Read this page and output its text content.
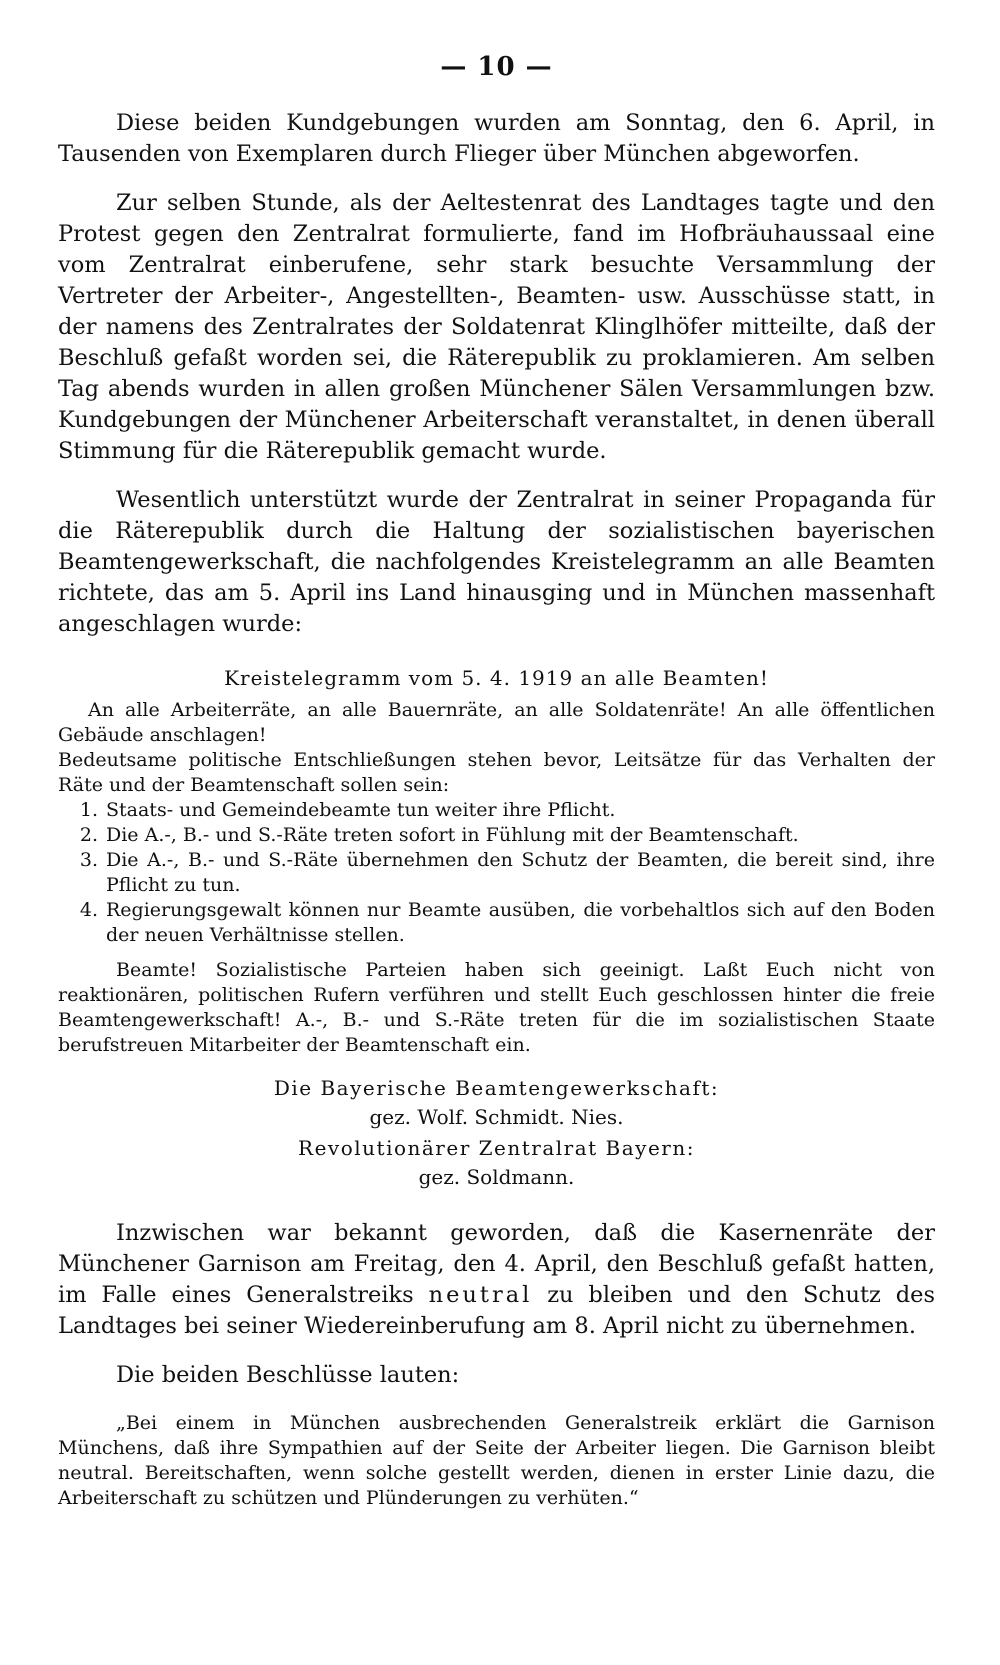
— 10 —

Diese beiden Kundgebungen wurden am Sonntag, den 6. April, in Tausenden von Exemplaren durch Flieger über München abgeworfen.

Zur selben Stunde, als der Aeltestenrat des Landtages tagte und den Protest gegen den Zentralrat formulierte, fand im Hofbräuhaussaal eine vom Zentralrat einberufene, sehr stark besuchte Versammlung der Vertreter der Arbeiter-, Angestellten-, Beamten- usw. Ausschüsse statt, in der namens des Zentralrates der Soldatenrat Klinglhöfer mitteilte, daß der Beschluß gefaßt worden sei, die Räterepublik zu proklamieren. Am selben Tag abends wurden in allen großen Münchener Sälen Versammlungen bzw. Kundgebungen der Münchener Arbeiterschaft veranstaltet, in denen überall Stimmung für die Räterepublik gemacht wurde.

Wesentlich unterstützt wurde der Zentralrat in seiner Propaganda für die Räterepublik durch die Haltung der sozialistischen bayerischen Beamtengewerkschaft, die nachfolgendes Kreistelegramm an alle Beamten richtete, das am 5. April ins Land hinausging und in München massenhaft angeschlagen wurde:

Kreistelegramm vom 5. 4. 1919 an alle Beamten!

An alle Arbeiterräte, an alle Bauernräte, an alle Soldatenräte! An alle öffentlichen Gebäude anschlagen!

Bedeutsame politische Entschließungen stehen bevor, Leitsätze für das Verhalten der Räte und der Beamtenschaft sollen sein:

1. Staats- und Gemeindebeamte tun weiter ihre Pflicht.
2. Die A.-, B.- und S.-Räte treten sofort in Fühlung mit der Beamtenschaft.
3. Die A.-, B.- und S.-Räte übernehmen den Schutz der Beamten, die bereit sind, ihre Pflicht zu tun.
4. Regierungsgewalt können nur Beamte ausüben, die vorbehaltlos sich auf den Boden der neuen Verhältnisse stellen.

Beamte! Sozialistische Parteien haben sich geeinigt. Laßt Euch nicht von reaktionären, politischen Rufern verführen und stellt Euch geschlossen hinter die freie Beamtengewerkschaft! A.-, B.- und S.-Räte treten für die im sozialistischen Staate berufstreuen Mitarbeiter der Beamtenschaft ein.

Die Bayerische Beamtengewerkschaft:
gez. Wolf. Schmidt. Nies.
Revolutionärer Zentralrat Bayern:
gez. Soldmann.

Inzwischen war bekannt geworden, daß die Kasernenräte der Münchener Garnison am Freitag, den 4. April, den Beschluß gefaßt hatten, im Falle eines Generalstreiks neutral zu bleiben und den Schutz des Landtages bei seiner Wiedereinberufung am 8. April nicht zu übernehmen.

Die beiden Beschlüsse lauten:

„Bei einem in München ausbrechenden Generalstreik erklärt die Garnison Münchens, daß ihre Sympathien auf der Seite der Arbeiter liegen. Die Garnison bleibt neutral. Bereitschaften, wenn solche gestellt werden, dienen in erster Linie dazu, die Arbeiterschaft zu schützen und Plünderungen zu verhüten.“
